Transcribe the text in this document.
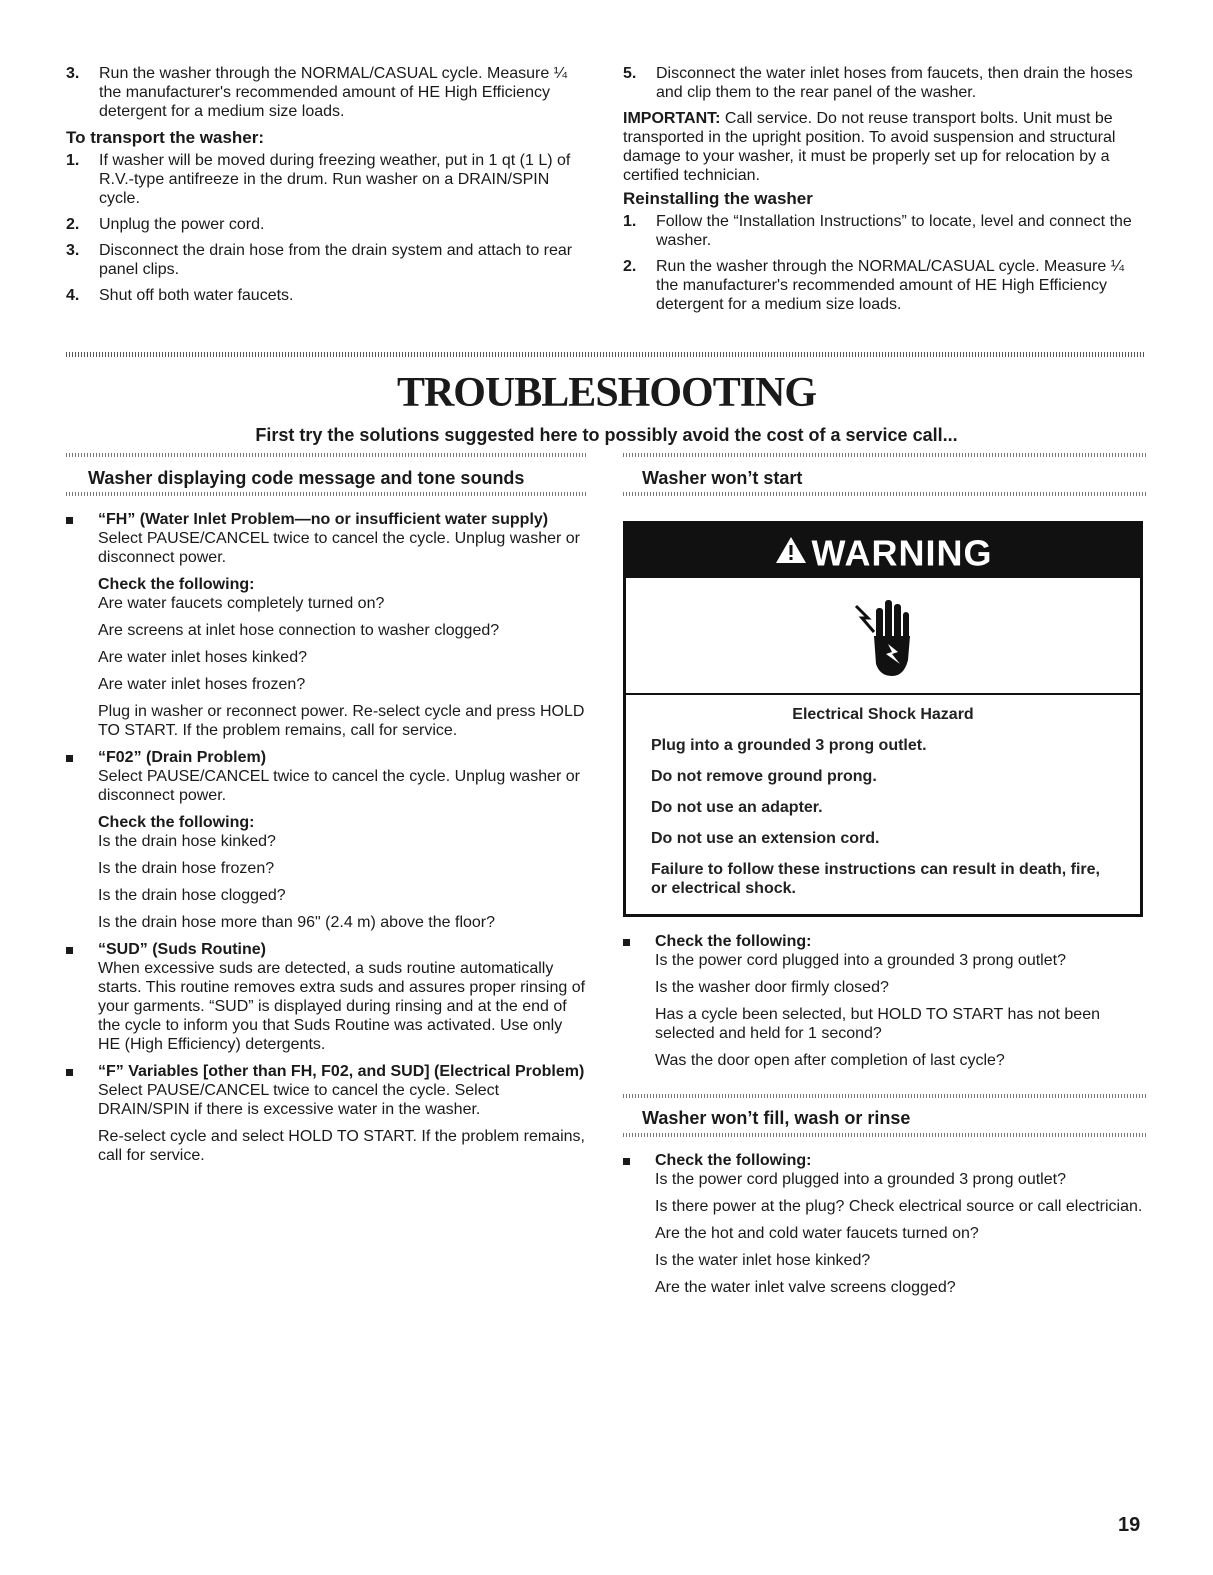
3. Run the washer through the NORMAL/CASUAL cycle. Measure ¼ the manufacturer's recommended amount of HE High Efficiency detergent for a medium size loads.
To transport the washer:
1. If washer will be moved during freezing weather, put in 1 qt (1 L) of R.V.-type antifreeze in the drum. Run washer on a DRAIN/SPIN cycle.
2. Unplug the power cord.
3. Disconnect the drain hose from the drain system and attach to rear panel clips.
4. Shut off both water faucets.
5. Disconnect the water inlet hoses from faucets, then drain the hoses and clip them to the rear panel of the washer.

IMPORTANT: Call service. Do not reuse transport bolts. Unit must be transported in the upright position. To avoid suspension and structural damage to your washer, it must be properly set up for relocation by a certified technician.

Reinstalling the washer
1. Follow the “Installation Instructions” to locate, level and connect the washer.
2. Run the washer through the NORMAL/CASUAL cycle. Measure ¼ the manufacturer's recommended amount of HE High Efficiency detergent for a medium size loads.
TROUBLESHOOTING
First try the solutions suggested here to possibly avoid the cost of a service call...
Washer displaying code message and tone sounds	Washer won’t start
“FH” (Water Inlet Problem—no or insufficient water supply)

Select PAUSE/CANCEL twice to cancel the cycle. Unplug washer or disconnect power.

Check the following:

Are water faucets completely turned on?

Are screens at inlet hose connection to washer clogged?

Are water inlet hoses kinked?

Are water inlet hoses frozen?

Plug in washer or reconnect power. Re-select cycle and press HOLD TO START. If the problem remains, call for service.

“F02” (Drain Problem)

Select PAUSE/CANCEL twice to cancel the cycle. Unplug washer or disconnect power.

Check the following:

Is the drain hose kinked?

Is the drain hose frozen?

Is the drain hose clogged?

Is the drain hose more than 96" (2.4 m) above the floor?

“SUD” (Suds Routine)

When excessive suds are detected, a suds routine automatically starts. This routine removes extra suds and assures proper rinsing of your garments. “SUD” is displayed during rinsing and at the end of the cycle to inform you that Suds Routine was activated. Use only HE (High Efficiency) detergents.

“F” Variables [other than FH, F02, and SUD] (Electrical Problem)

Select PAUSE/CANCEL twice to cancel the cycle. Select DRAIN/SPIN if there is excessive water in the washer.

Re-select cycle and select HOLD TO START. If the problem remains, call for service.

WARNING
Electrical Shock Hazard

Plug into a grounded 3 prong outlet.

Do not remove ground prong.

Do not use an adapter.

Do not use an extension cord.

Failure to follow these instructions can result in death, fire, or electrical shock.

Check the following:

Is the power cord plugged into a grounded 3 prong outlet?

Is the washer door firmly closed?

Has a cycle been selected, but HOLD TO START has not been selected and held for 1 second?

Was the door open after completion of last cycle?

Washer won’t fill, wash or rinse

Check the following:

Is the power cord plugged into a grounded 3 prong outlet?

Is there power at the plug? Check electrical source or call electrician.

Are the hot and cold water faucets turned on?

Is the water inlet hose kinked?

Are the water inlet valve screens clogged?

19
